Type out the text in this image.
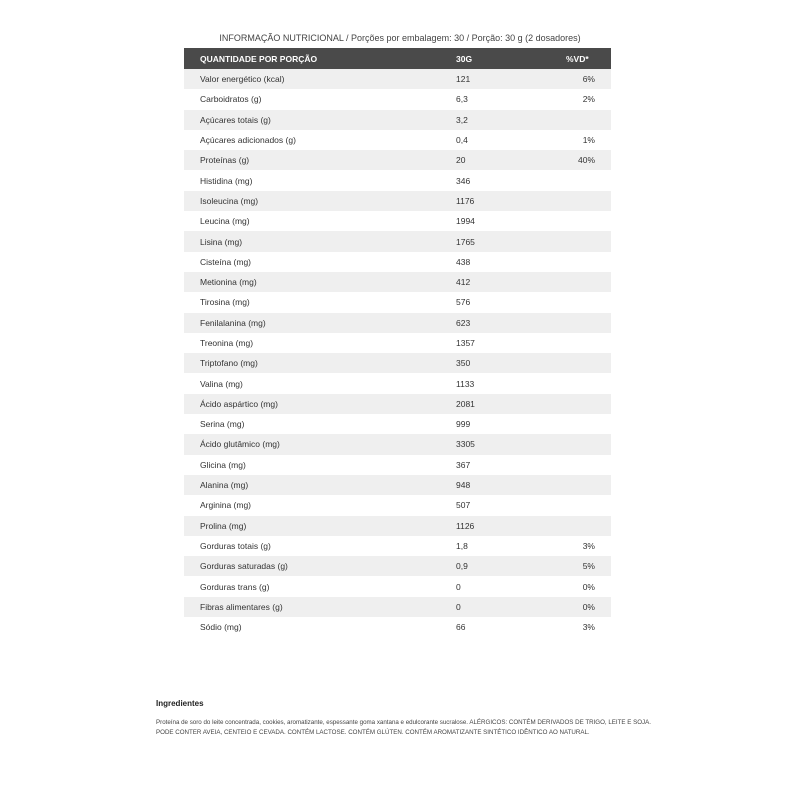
INFORMAÇÃO NUTRICIONAL / Porções por embalagem: 30 / Porção: 30 g (2 dosadores)
QUANTIDADE POR PORÇÃO	30G	%VD*
Valor energético (kcal)	121	6%
Carboidratos (g)	6,3	2%
Açúcares totais (g)	3,2	
Açúcares adicionados (g)	0,4	1%
Proteínas (g)	20	40%
Histidina (mg)	346	
Isoleucina (mg)	1176	
Leucina (mg)	1994	
Lisina (mg)	1765	
Cisteína (mg)	438	
Metionina (mg)	412	
Tirosina (mg)	576	
Fenilalanina (mg)	623	
Treonina (mg)	1357	
Triptofano (mg)	350	
Valina (mg)	1133	
Ácido aspártico (mg)	2081	
Serina (mg)	999	
Ácido glutâmico (mg)	3305	
Glicina (mg)	367	
Alanina (mg)	948	
Arginina (mg)	507	
Prolina (mg)	1126	
Gorduras totais (g)	1,8	3%
Gorduras saturadas (g)	0,9	5%
Gorduras trans (g)	0	0%
Fibras alimentares (g)	0	0%
Sódio (mg)	66	3%
Ingredientes
Proteína de soro do leite concentrada, cookies, aromatizante, espessante goma xantana e edulcorante sucralose. ALÉRGICOS: CONTÉM DERIVADOS DE TRIGO, LEITE E SOJA. PODE CONTER AVEIA, CENTEIO E CEVADA. CONTÉM LACTOSE. CONTÉM GLÚTEN. CONTÉM AROMATIZANTE SINTÉTICO IDÊNTICO AO NATURAL.
